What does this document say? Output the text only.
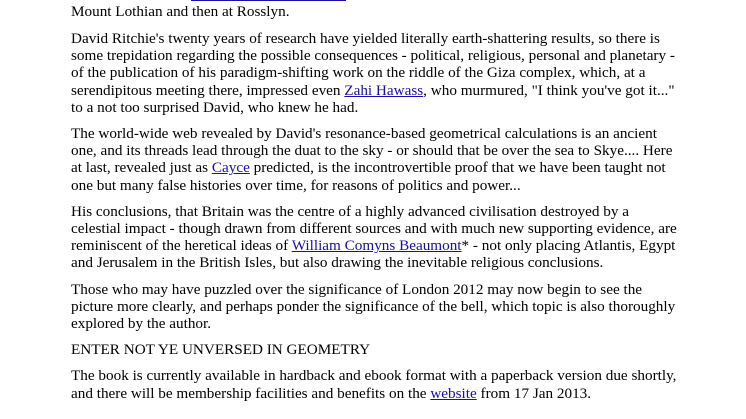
Mount Lothian and then at Rosslyn.

David Ritchie's twenty years of research have yielded literally earth-shattering results, so there is some trepidation regarding the possible consequences - political, religious, personal and planetary - of the publication of his paradigm-shifting work on the riddle of the Giza complex, which, at a serendipitous meeting there, impressed even Zahi Hawass, who murmured, "I think you've got it..." to a not too surprised David, who knew he had.

The world-wide web revealed by David's resonance-based geometrical calculations is an ancient one, and its threads lead through the duat to the sky - or should that be over the sea to Skye.... Here at last, revealed just as Cayce predicted, is the incontrovertible proof that we have been taught not one but many false histories over time, for reasons of politics and power...

His conclusions, that Britain was the centre of a highly advanced civilisation destroyed by a celestial impact - though drawn from different sources and with much new supporting evidence, are reminiscent of the heretical ideas of William Comyns Beaumont* - not only placing Atlantis, Egypt and Jerusalem in the British Isles, but also drawing the inevitable religious conclusions.

Those who may have puzzled over the significance of London 2012 may now begin to see the picture more clearly, and perhaps ponder the significance of the bell, which topic is also thoroughly explored by the author.

ENTER NOT YE UNVERSED IN GEOMETRY

The book is currently available in hardback and ebook format with a paperback version due shortly, and there will be membership facilities and benefits on the website from 17 Jan 2013.
